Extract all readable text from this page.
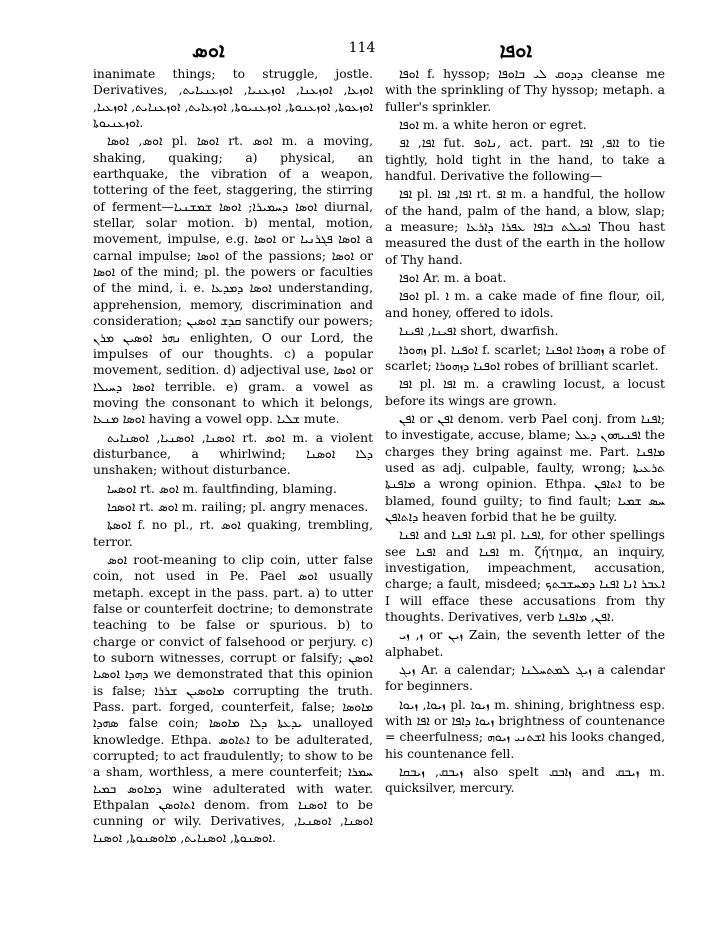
ܐܘܣ	114	ܐܘܦܐ

inanimate things; to struggle, jostle. Derivatives, ܐܘܙܥܐ, ܐܘܙܥܢܐ, ܐܘܙܥܢܝܐ, ܐܘܙܥܢܝܐܝܬ, ܐܘܙܥܘܬܐ, ܐܘܙܥܢܘܬܐ, ܐܘܙܥܢܝܘܬܐ, ܐܘܙܥܐܝܬ, ܐܘܙܥܢܐܝܬ, ܐܘܙܥܝܐ, ܐܘܙܥܢܝܘܬܐ.

ܐܘܣ, ܐܘܣܐ pl. ܐܘܣܐ rt. ܐܘܣ m. a moving, shaking, quaking; a) physical, an earthquake, the vibration of a weapon, tottering of the feet, staggering, the stirring of ferment—ܐܘܣܐ ܕܚܡܝܪܐ; ܐܘܣܐ ܫܡܫܢܝܐ diurnal, stellar, solar motion. b) mental, motion, movement, impulse, e.g. ܐܘܣܐ or ܐܘܣܐ ܦܓܪܢܝܐ a carnal impulse; ܐܘܣܐ of the passions; ܐܘܣܐ or ܐܘܣܐ of the mind; pl. the powers or faculties of the mind, i. e. ܐܘܣܐ ܕܡܕܥܐ understanding, apprehension, memory, discrimination and consideration; ܩܕܫ ܐܘܣܝܢ sanctify our powers; ܢܗܪ ܐܘܣܝܢ ܡܪܢ enlighten, O our Lord, the impulses of our thoughts. c) a popular movement, sedition. d) adjectival use, ܐܘܣܐ or ܐܘܣܐ ܕܚܝܠܐ terrible. e) gram. a vowel as moving the consonant to which it belongs, ܐܘܣܐ ܡܢܥܐ having a vowel opp. ܫܠܝܐ mute.

ܐܘܣܢܐ, ܐܘܣܢܝܐ, ܐܘܣܢܐܝܬ rt. ܐܘܣ m. a violent disturbance, a whirlwind; ܕܠܐ ܐܘܣܢܐ unshaken; without disturbance.

ܐܘܣܚܐ rt. ܐܘܣ m. faultfinding, blaming.

ܐܘܣܟܐ rt. ܐܘܣ m. railing; pl. angry menaces.

ܐܘܣܬܐ f. no pl., rt. ܐܘܣ quaking, trembling, terror.

ܐܘܣ root-meaning to clip coin, utter false coin, not used in Pe. Pael ܐܘܣ usually metaph. except in the pass. part. a) to utter false or counterfeit doctrine; to demonstrate teaching to be false or spurious. b) to charge or convict of falsehood or perjury. c) to suborn witnesses, corrupt or falsify; ܐܘܣܢ ܕܗܕܐ ܐܘܣܝܐ we demonstrated that this opinion is false; ܡܐܘܣܝܢ ܫܪܪܐ corrupting the truth. Pass. part. forged, counterfeit, false; ܡܐܘܣܐ ܣܗܕܐ false coin; ܝܕܥܬܐ ܕܠܐ ܡܐܘܣܐ unalloyed knowledge. Ethpa. ܐܬܐܘܣ to be adulterated, corrupted; to act fraudulently; to show to be a sham, worthless, a mere counterfeit; ܚܡܪܐ ܕܡܐܘܣ ܒܡܝܐ wine adulterated with water. Ethpalan ܐܬܐܘܣܢ denom. from ܐܘܣܢܐ to be cunning or wily. Derivatives, ܐܘܣܢܐ, ܐܘܣܢܝܐ, ܐܘܣܢܘܬܐ, ܐܘܣܢܐܝܬ, ܡܐܘܣܢܘܬܐ, ܐܘܣܢܐ.

ܐܘܦܐ f. hyssop; ܕܕܘܩ ܠܝ ܒܐܘܦܐ cleanse me with the sprinkling of Thy hyssop; metaph. a fuller's sprinkler.

ܐܘܦܐ m. a white heron or egret.

ܐܦܐ, ܐܦ fut. ܢܐܘܦ, act. part. ܐܐܦ, ܐܦܐ to tie tightly, hold tight in the hand, to take a handful. Derivative the following—

ܐܦܐ pl. ܐܦܐ, ܐܦܐ rt. ܐܦ m. a handful, the hollow of the hand, palm of the hand, a blow, slap; a measure; ܐܟܝܠܬ ܒܐܦܐ ܥܦܪܐ ܕܐܪܥܐ Thou hast measured the dust of the earth in the hollow of Thy hand.

ܐܘܦܐ Ar. m. a boat.

ܐܘܦܐ pl. ܐ m. a cake made of fine flour, oil, and honey, offered to idols.

ܐܦܝܢܐ, ܐܦܝܢܐ short, dwarfish.

ܙܗܘܪܐ pl. ܐܘܦܢܐ f. scarlet; ܙܗܘܪܐ ܐܘܦܢܐ a robe of scarlet; ܐܘܦܢܐ ܕܙܗܘܪܐ robes of brilliant scarlet.

ܐܦܐ pl. ܐܦܐ m. a crawling locust, a locust before its wings are grown.

ܐܦܢ or ܐܦܢ denom. verb Pael conj. from ܐܦܢܐ; to investigate, accuse, blame; ܐܦܢܝܗܘܢ ܕܥܠ the charges they bring against me. Part. ܡܐܦܢܐ used as adj. culpable, faulty, wrong; ܬܪܥܝܬܐ ܡܐܦܢܬܐ a wrong opinion. Ethpa. ܐܬܐܦܢ to be blamed, found guilty; to find fault; ܚܣ ܫܡܝܐ ܕܐܬܐܦܢ heaven forbid that he be guilty.

ܐܦܢܐ and ܐܦܢܐ ܐܦܢܐ pl. ܐܦܢܐ, for other spellings see ܐܦܢܐ and ܐܦܢܐ m. ζήτημα, an inquiry, investigation, impeachment, accusation, charge; a fault, misdeed; ܐܥܒܪ ܐܢܐ ܐܦܢܐ ܕܡܚܫܒܬܟ I will efface these accusations from thy thoughts. Derivatives, verb ܐܦܢ, ܡܐܦܢܐ.

ܙ, ܙܝ or ܙܝܢ Zain, the seventh letter of the alphabet.

ܙܝܓ Ar. a calendar; ܙܝܓ ܠܡܬܚܠܢܐ a calendar for beginners.

ܙܝܘܐ, ܙܝܘܐ pl. ܙܝܘܐ m. shining, brightness esp. with ܐܦܐ or ܙܝܘܐ ܕܐܦܐ brightness of countenance = cheerfulness; ܐܫܬܢܝ ܙܝܘܗ his looks changed, his countenance fell.

ܙܝܒܩ, ܙܝܒܩܐ also spelt ܙܐܒܩ and ܙܝܒܩ m. quicksilver, mercury.
